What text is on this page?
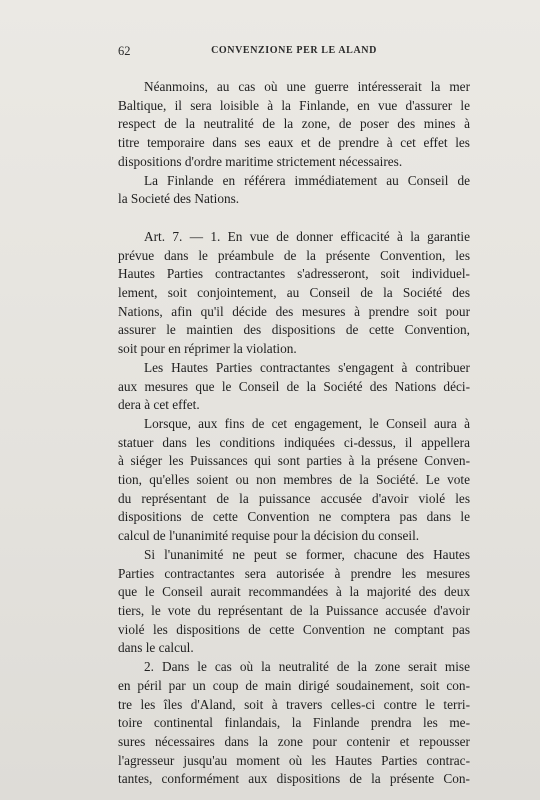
62	CONVENZIONE PER LE ALAND
Néanmoins, au cas où une guerre intéresserait la mer
Baltique, il sera loisible à la Finlande, en vue d'assurer le
respect de la neutralité de la zone, de poser des mines à
titre temporaire dans ses eaux et de prendre à cet effet les
dispositions d'ordre maritime strictement nécessaires.
La Finlande en référera immédiatement au Conseil de
la Societé des Nations.
Art. 7. — 1. En vue de donner efficacité à la garantie
prévue dans le préambule de la présente Convention, les
Hautes Parties contractantes s'adresseront, soit individuel-
lement, soit conjointement, au Conseil de la Société des
Nations, afin qu'il décide des mesures à prendre soit pour
assurer le maintien des dispositions de cette Convention,
soit pour en réprimer la violation.
Les Hautes Parties contractantes s'engagent à contribuer
aux mesures que le Conseil de la Société des Nations déci-
dera à cet effet.
Lorsque, aux fins de cet engagement, le Conseil aura à
statuer dans les conditions indiquées ci-dessus, il appellera
à siéger les Puissances qui sont parties à la présene Conven-
tion, qu'elles soient ou non membres de la Société. Le vote
du représentant de la puissance accusée d'avoir violé les
dispositions de cette Convention ne comptera pas dans le
calcul de l'unanimité requise pour la décision du conseil.
Si l'unanimité ne peut se former, chacune des Hautes
Parties contractantes sera autorisée à prendre les mesures
que le Conseil aurait recommandées à la majorité des deux
tiers, le vote du représentant de la Puissance accusée d'avoir
violé les dispositions de cette Convention ne comptant pas
dans le calcul.
2. Dans le cas où la neutralité de la zone serait mise
en péril par un coup de main dirigé soudainement, soit con-
tre les îles d'Aland, soit à travers celles-ci contre le terri-
toire continental finlandais, la Finlande prendra les me-
sures nécessaires dans la zone pour contenir et repousser
l'agresseur jusqu'au moment où les Hautes Parties contrac-
tantes, conformément aux dispositions de la présente Con-
